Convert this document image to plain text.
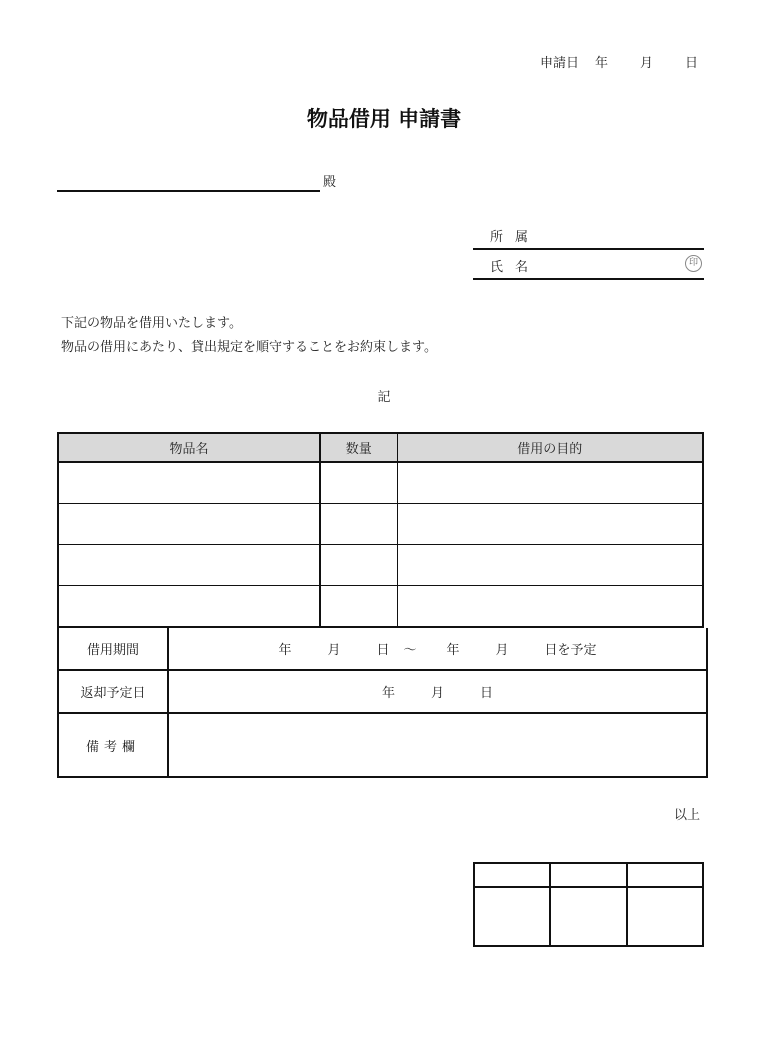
申請日 年 月 日
物品借用 申請書
殿
所属
氏名	印
下記の物品を借用いたします。
物品の借用にあたり、貸出規定を順守することをお約束します。
記
物品名	数量	借用の目的

借用期間	年	月	日 〜 年	月	日を予定
返却予定日	年	月	日
備考欄
以上
